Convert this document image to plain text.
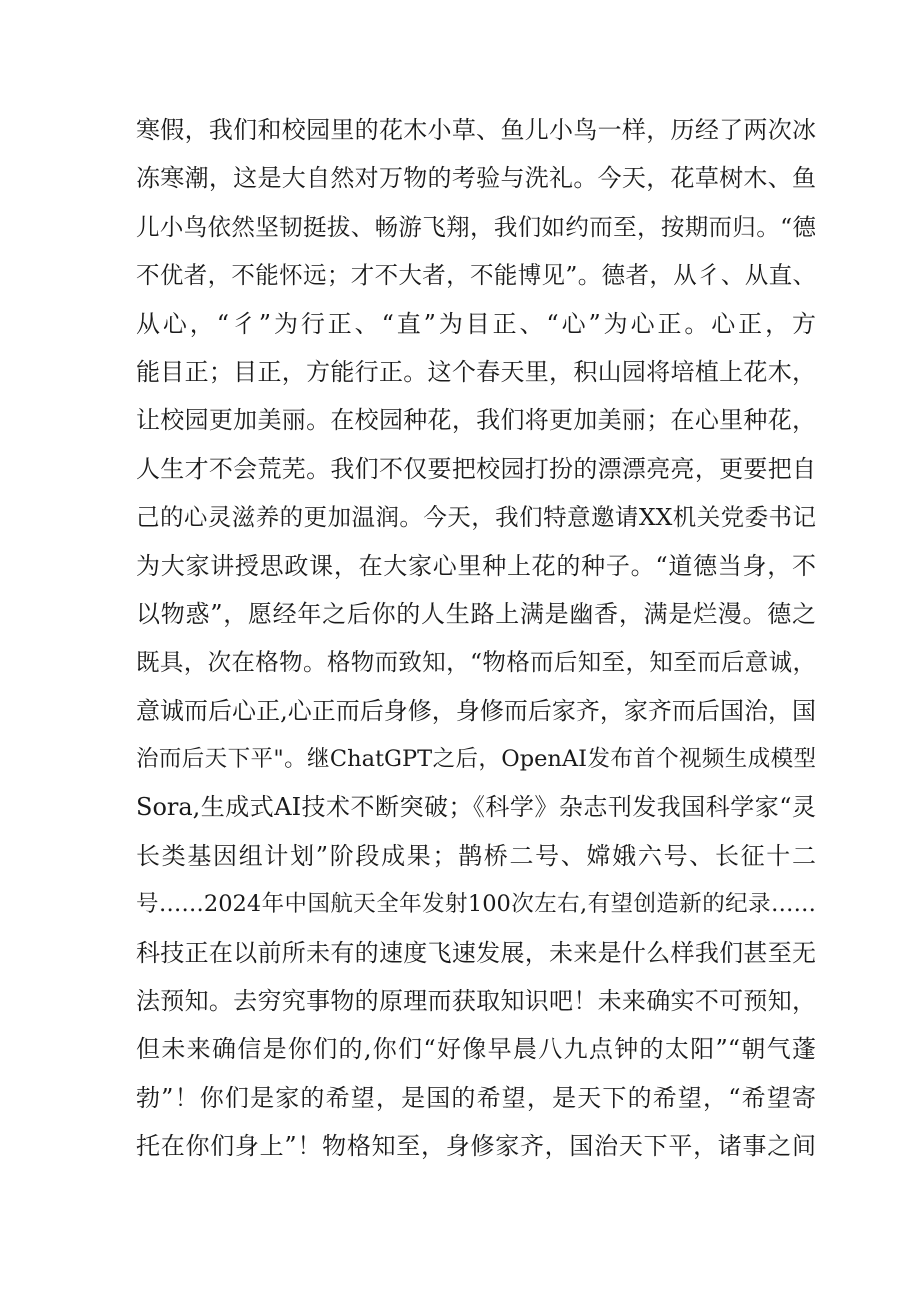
寒假，我们和校园里的花木小草、鱼儿小鸟一样，历经了两次冰
冻寒潮，这是大自然对万物的考验与洗礼。今天，花草树木、鱼
儿小鸟依然坚韧挺拔、畅游飞翔，我们如约而至，按期而归。“德
不优者，不能怀远；才不大者，不能博见”。德者，从彳、从直、
从心，“彳”为行正、“直”为目正、“心”为心正。心正，方
能目正；目正，方能行正。这个春天里，积山园将培植上花木，
让校园更加美丽。在校园种花，我们将更加美丽；在心里种花，
人生才不会荒芜。我们不仅要把校园打扮的漂漂亮亮，更要把自
己的心灵滋养的更加温润。今天，我们特意邀请XX机关党委书记
为大家讲授思政课，在大家心里种上花的种子。“道德当身，不
以物惑”，愿经年之后你的人生路上满是幽香，满是烂漫。德之
既具，次在格物。格物而致知，“物格而后知至，知至而后意诚，
意诚而后心正,心正而后身修，身修而后家齐，家齐而后国治，国
治而后天下平"。继ChatGPT之后，OpenAI发布首个视频生成模型
Sora,生成式AI技术不断突破；《科学》杂志刊发我国科学家“灵
长类基因组计划”阶段成果；鹊桥二号、嫦娥六号、长征十二
号……2024年中国航天全年发射100次左右,有望创造新的纪录……
科技正在以前所未有的速度飞速发展，未来是什么样我们甚至无
法预知。去穷究事物的原理而获取知识吧！未来确实不可预知，
但未来确信是你们的,你们“好像早晨八九点钟的太阳”“朝气蓬
勃”！你们是家的希望，是国的希望，是天下的希望，“希望寄
托在你们身上”！物格知至，身修家齐，国治天下平，诸事之间
